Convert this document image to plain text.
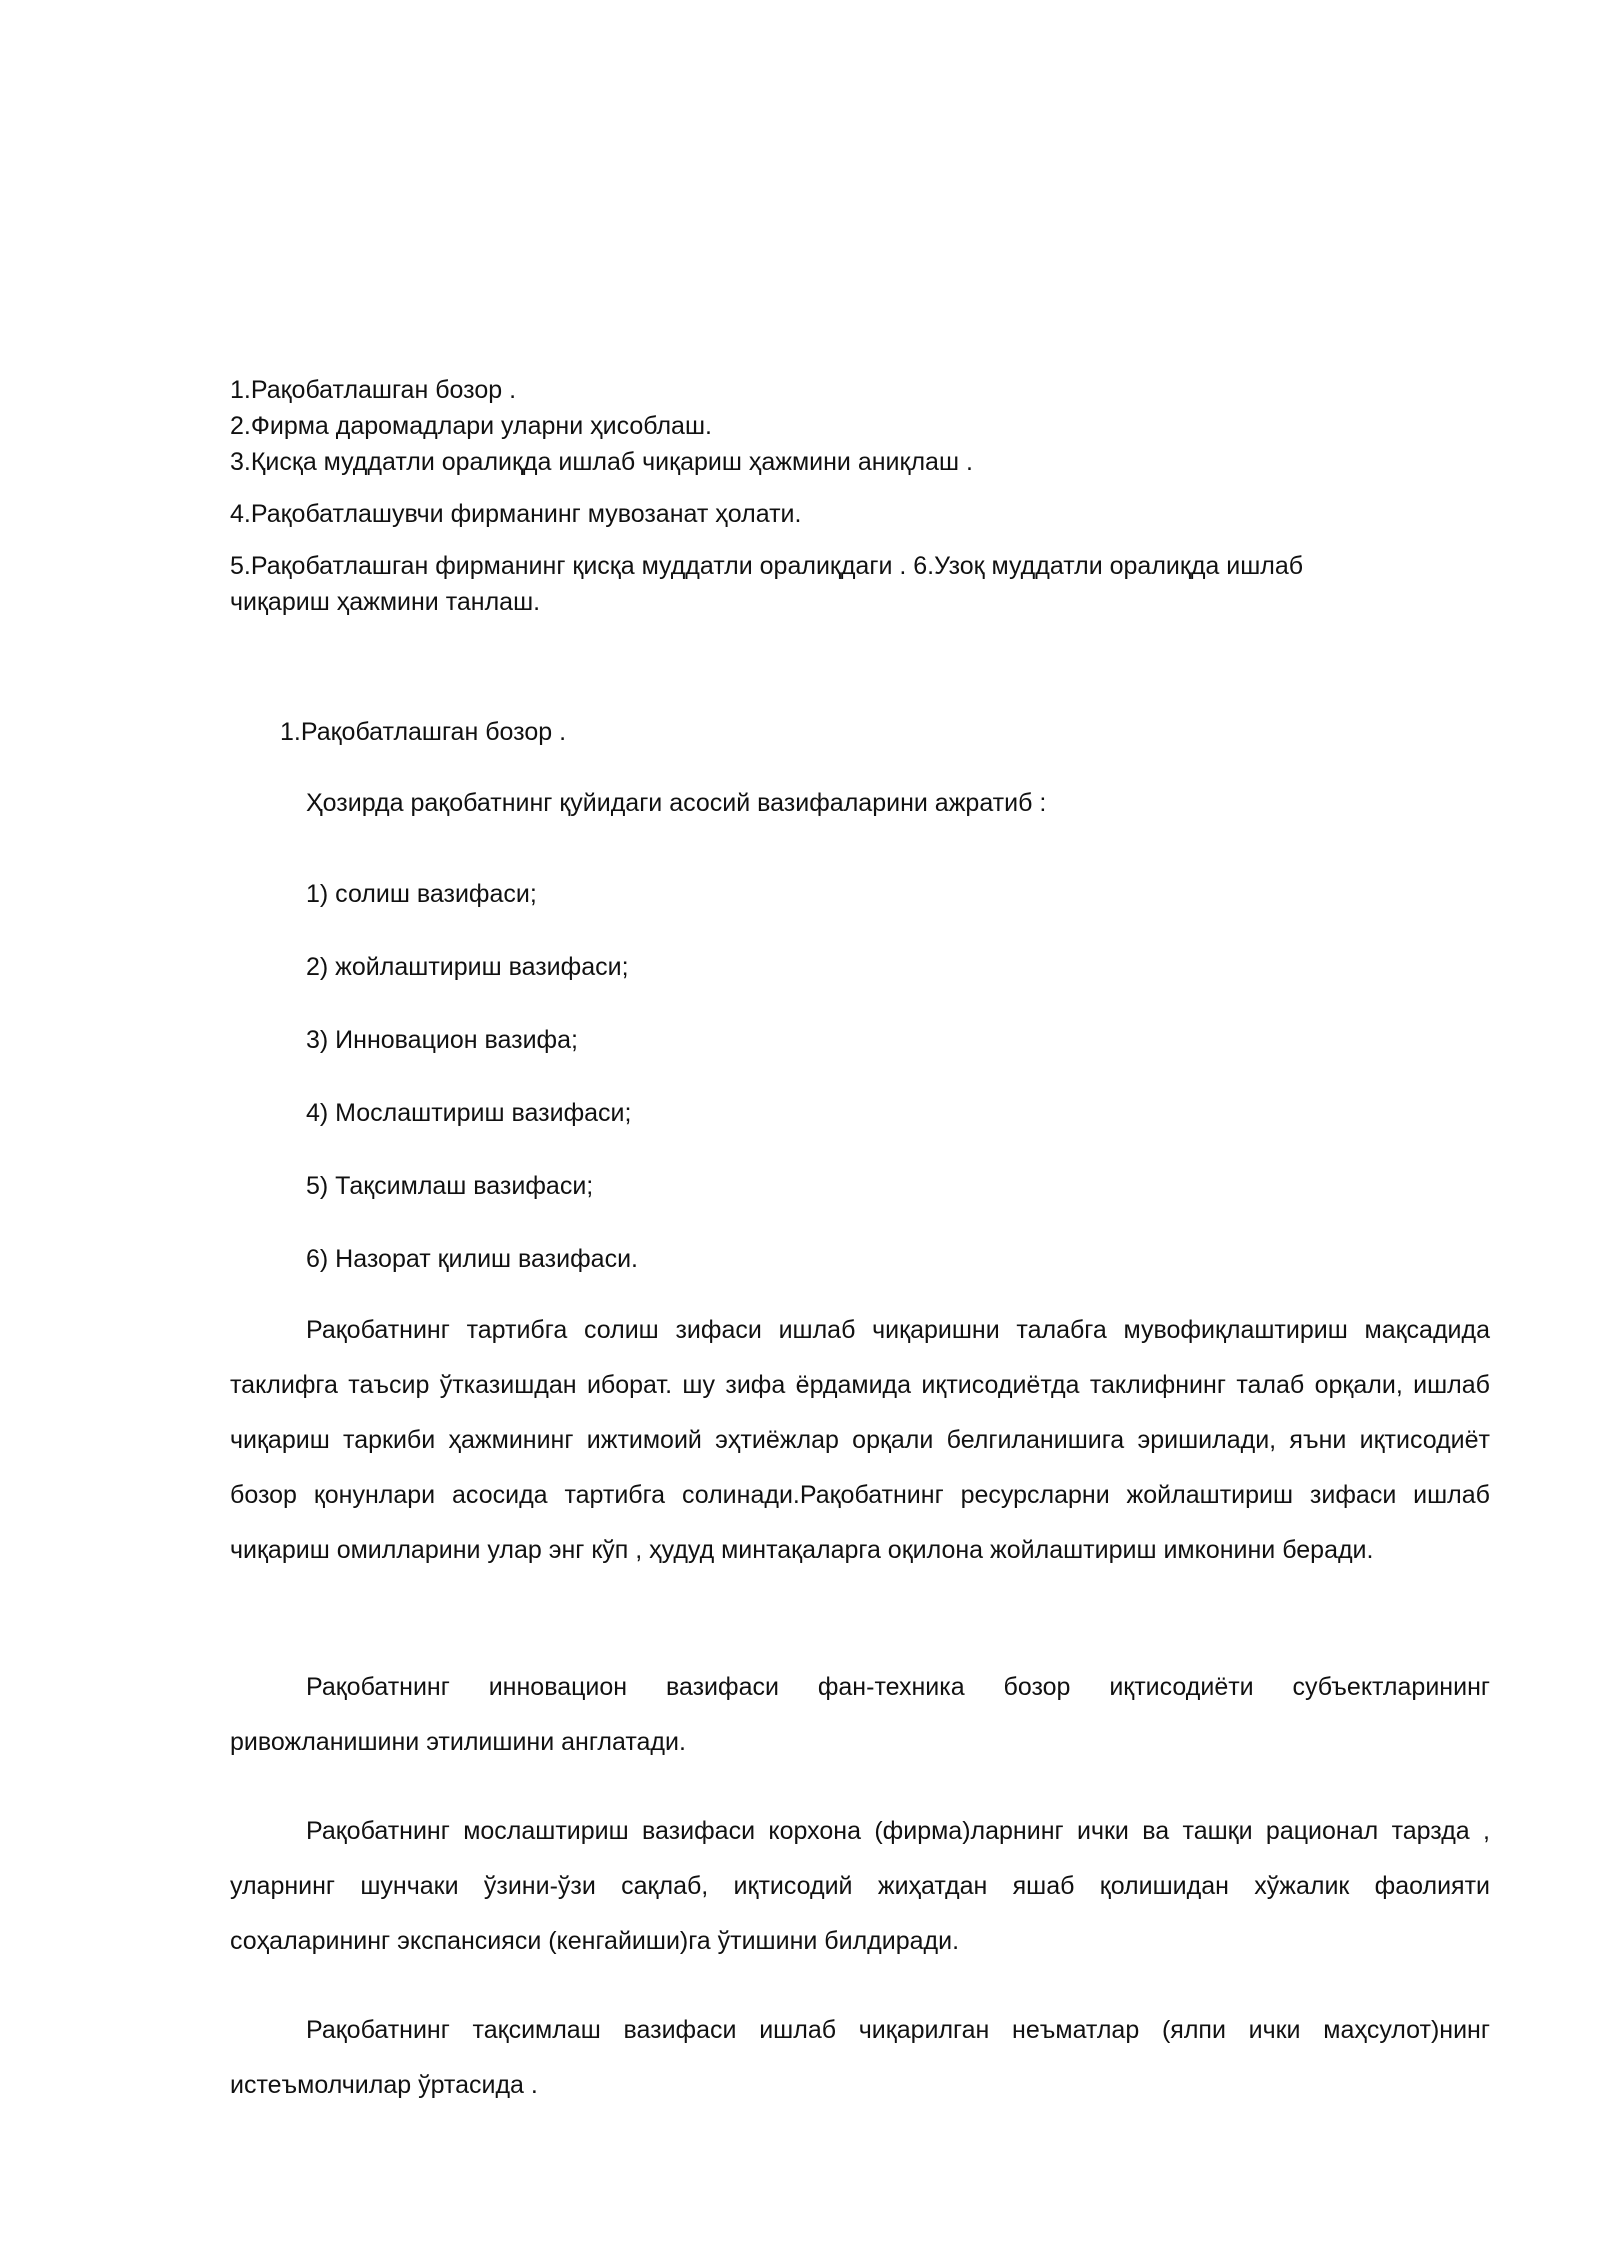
1.Рақобатлашган бозор .
2.Фирма даромадлари уларни ҳисоблаш.
3.Қисқа муддатли оралиқда ишлаб чиқариш ҳажмини аниқлаш .
4.Рақобатлашувчи фирманинг мувозанат ҳолати.
5.Рақобатлашган фирманинг қисқа муддатли оралиқдаги . 6.Узоқ муддатли оралиқда ишлаб
чиқариш ҳажмини танлаш.
1.Рақобатлашган бозор .
Ҳозирда рақобатнинг қуйидаги асосий вазифаларини ажратиб :
1) солиш вазифаси;
2) жойлаштириш вазифаси;
3) Инновацион вазифа;
4) Мослаштириш вазифаси;
5) Тақсимлаш вазифаси;
6) Назорат қилиш вазифаси.

Рақобатнинг тартибга солиш зифаси ишлаб чиқаришни талабга мувофиқлаштириш мақсадида таклифга таъсир ўтказишдан иборат. шу зифа ёрдамида иқтисодиётда таклифнинг талаб орқали, ишлаб чиқариш таркиби ҳажмининг ижтимоий эҳтиёжлар орқали белгиланишига эришилади, яъни иқтисодиёт бозор қонунлари асосида тартибга солинади.Рақобатнинг ресурсларни жойлаштириш зифаси ишлаб чиқариш омилларини улар энг кўп , ҳудуд минтақаларга оқилона жойлаштириш имконини беради.

Рақобатнинг инновацион вазифаси фан-техника бозор иқтисодиёти субъектларининг ривожланишини этилишини англатади.

Рақобатнинг мослаштириш вазифаси корхона (фирма)ларнинг ички ва ташқи рационал тарзда , уларнинг шунчаки ўзини-ўзи сақлаб, иқтисодий жиҳатдан яшаб қолишидан хўжалик фаолияти соҳаларининг экспансияси (кенгайиши)га ўтишини билдиради.

Рақобатнинг тақсимлаш вазифаси ишлаб чиқарилган неъматлар (ялпи ички маҳсулот)нинг истеъмолчилар ўртасида .
